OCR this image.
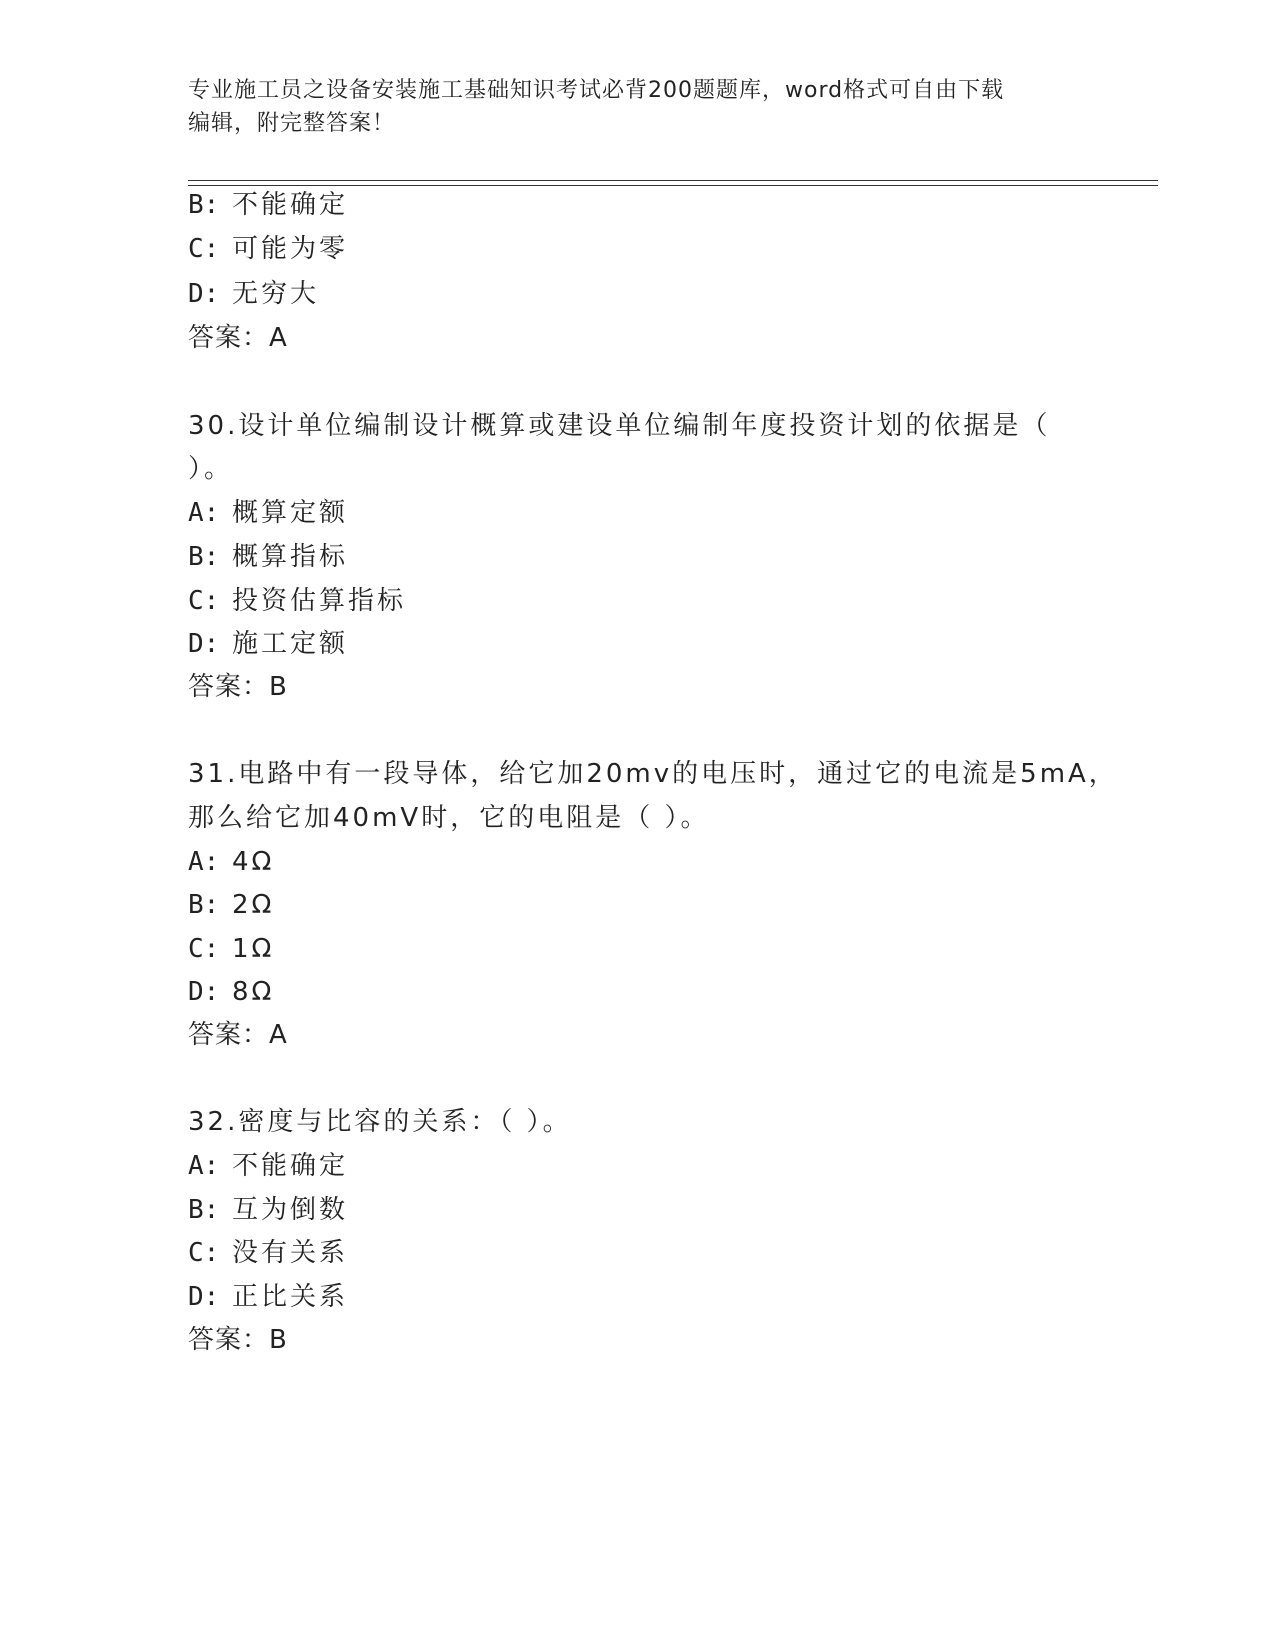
专业施工员之设备安装施工基础知识考试必背200题题库，word格式可自由下载
编辑，附完整答案！
B: 不能确定
C: 可能为零
D: 无穷大
答案：A
30.设计单位编制设计概算或建设单位编制年度投资计划的依据是（
）。
A: 概算定额
B: 概算指标
C: 投资估算指标
D: 施工定额
答案：B
31.电路中有一段导体，给它加20mv的电压时，通过它的电流是5mA，
那么给它加40mV时，它的电阻是（ ）。
A: 4Ω
B: 2Ω
C: 1Ω
D: 8Ω
答案：A
32.密度与比容的关系：（ ）。
A: 不能确定
B: 互为倒数
C: 没有关系
D: 正比关系
答案：B
